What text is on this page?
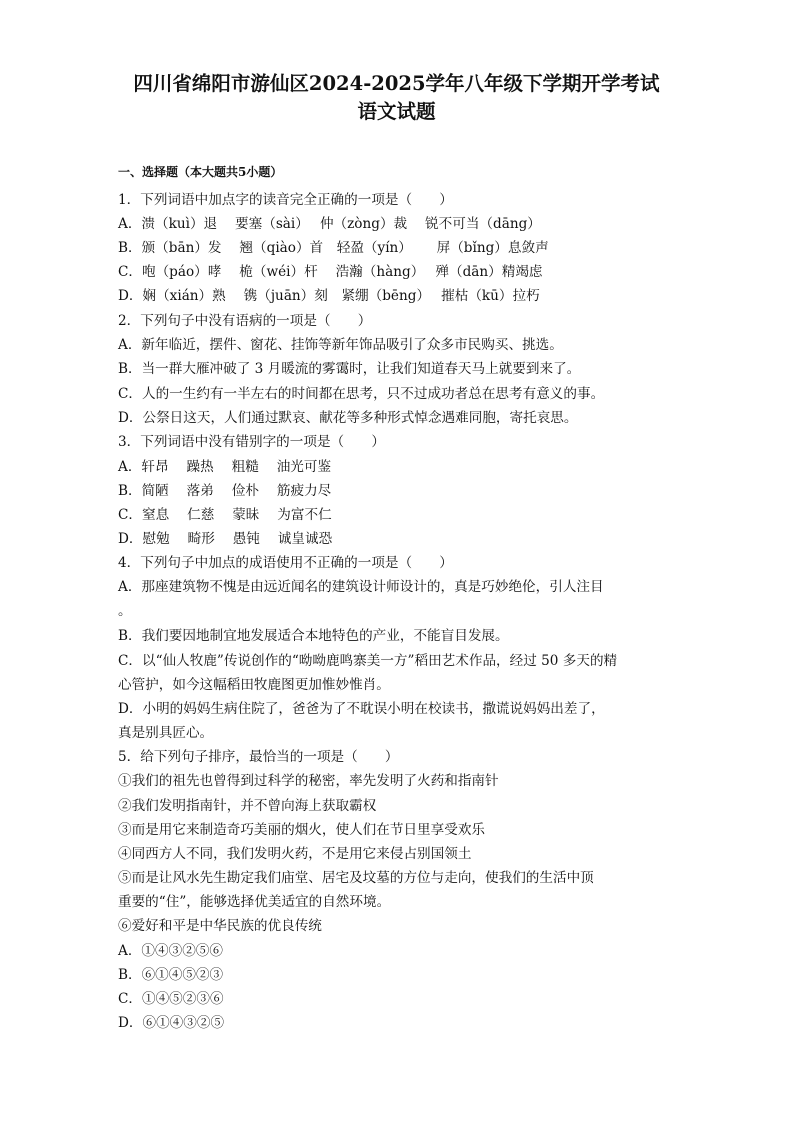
四川省绵阳市游仙区2024-2025学年八年级下学期开学考试
语文试题
一、选择题（本大题共5小题）
1．下列词语中加点字的读音完全正确的一项是（　　）
A．溃（kuì）退　 要塞（sài）　 仲（zòng）裁　 锐不可当（dāng）
B．颁（bān）发　 翘（qiào）首　轻盈（yín）　　 屏（bǐng）息敛声
C．咆（páo）哮　 桅（wéi）杆　 浩瀚（hàng）　 殚（dān）精竭虑
D．娴（xián）熟　 镌（juān）刻　紧绷（bēng）　 摧枯（kū）拉朽
2．下列句子中没有语病的一项是（　　）
A．新年临近，摆件、窗花、挂饰等新年饰品吸引了众多市民购买、挑选。
B．当一群大雁冲破了 3 月暖流的雾霭时，让我们知道春天马上就要到来了。
C．人的一生约有一半左右的时间都在思考，只不过成功者总在思考有意义的事。
D．公祭日这天，人们通过默哀、献花等多种形式悼念遇难同胞，寄托哀思。
3．下列词语中没有错别字的一项是（　　）
A．轩昂　 躁热　 粗糙　 油光可鉴
B．简陋　 落弟　 俭朴　 筋疲力尽
C．窒息　 仁慈　 蒙昧　 为富不仁
D．慰勉　 畸形　 愚钝　 诚皇诚恐
4．下列句子中加点的成语使用不正确的一项是（　　）
A．那座建筑物不愧是由远近闻名的建筑设计师设计的，真是巧妙绝伦，引人注目
。
B．我们要因地制宜地发展适合本地特色的产业，不能盲目发展。
C．以“仙人牧鹿”传说创作的“呦呦鹿鸣寨美一方”稻田艺术作品，经过 50 多天的精
心管护，如今这幅稻田牧鹿图更加惟妙惟肖。
D．小明的妈妈生病住院了，爸爸为了不耽误小明在校读书，撒谎说妈妈出差了，
真是别具匠心。
5．给下列句子排序，最恰当的一项是（　　）
①我们的祖先也曾得到过科学的秘密，率先发明了火药和指南针
②我们发明指南针，并不曾向海上获取霸权
③而是用它来制造奇巧美丽的烟火，使人们在节日里享受欢乐
④同西方人不同，我们发明火药，不是用它来侵占别国领土
⑤而是让风水先生勘定我们庙堂、居宅及坟墓的方位与走向，使我们的生活中顶
重要的“住”，能够选择优美适宜的自然环境。
⑥爱好和平是中华民族的优良传统
A．①④③②⑤⑥
B．⑥①④⑤②③
C．①④⑤②③⑥
D．⑥①④③②⑤
